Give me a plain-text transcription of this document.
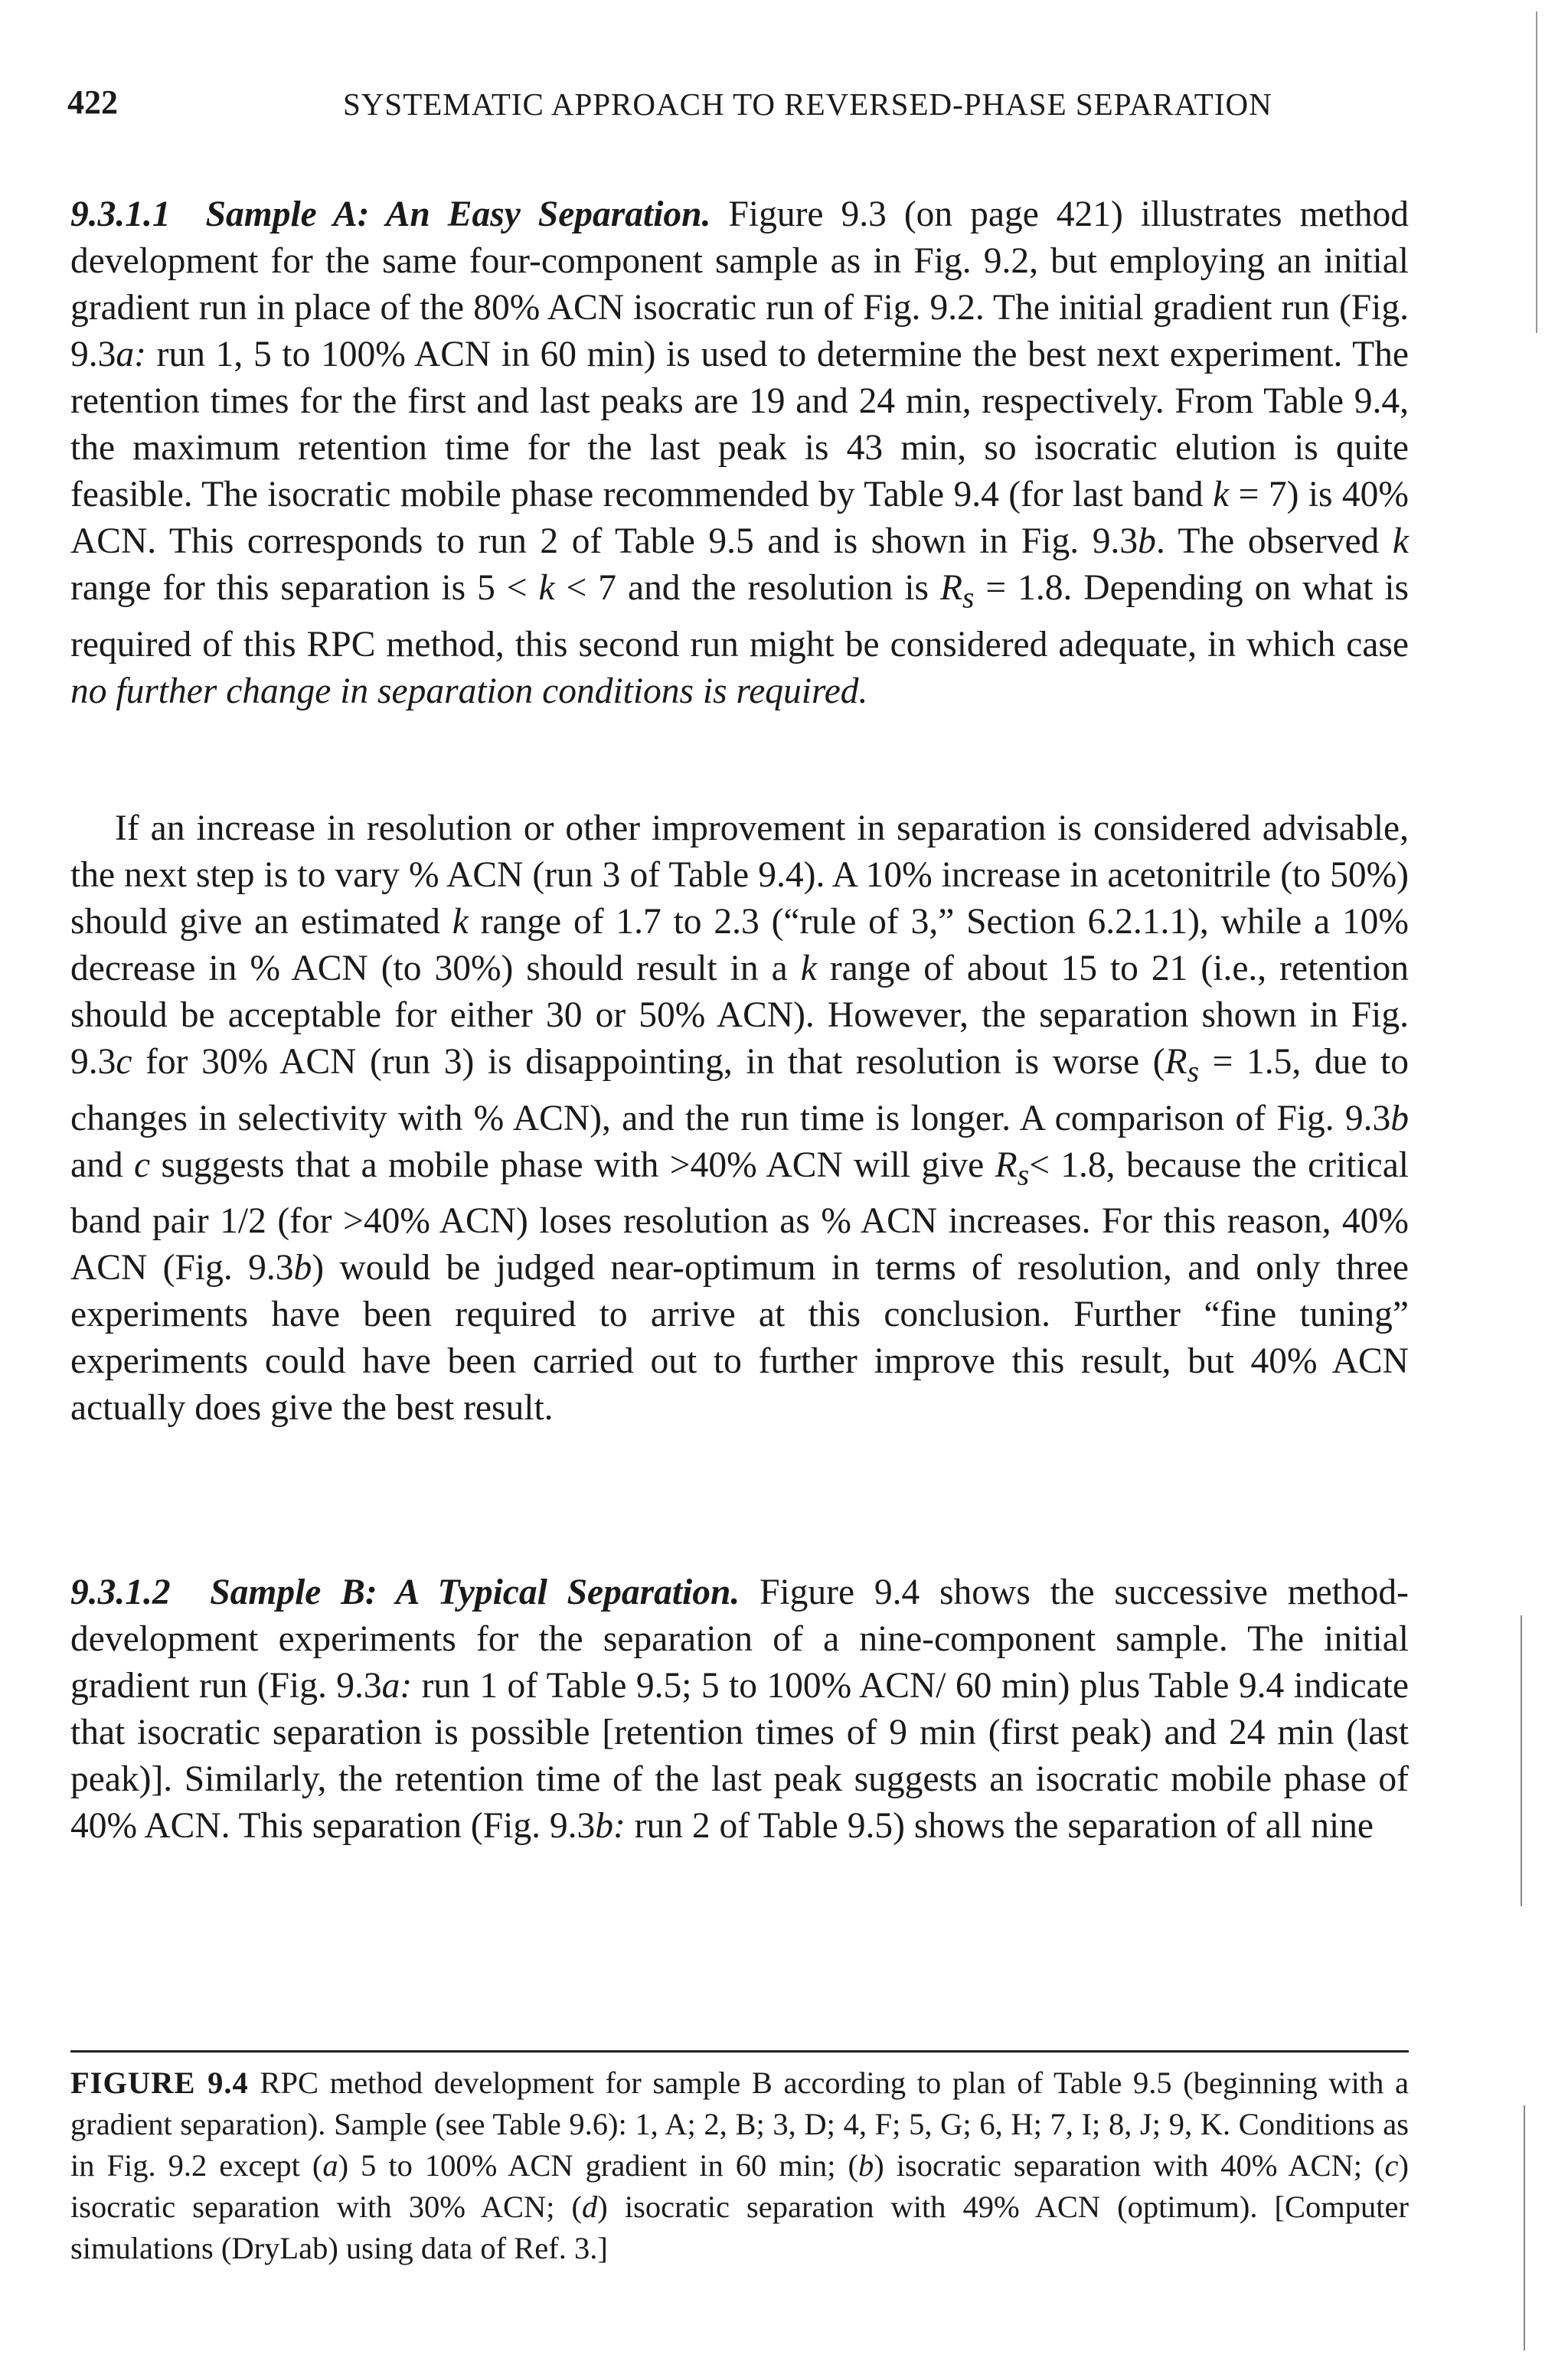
422	SYSTEMATIC APPROACH TO REVERSED-PHASE SEPARATION

9.3.1.1 Sample A: An Easy Separation. Figure 9.3 (on page 421) illustrates method development for the same four-component sample as in Fig. 9.2, but employing an initial gradient run in place of the 80% ACN isocratic run of Fig. 9.2. The initial gradient run (Fig. 9.3a: run 1, 5 to 100% ACN in 60 min) is used to determine the best next experiment. The retention times for the first and last peaks are 19 and 24 min, respectively. From Table 9.4, the maximum retention time for the last peak is 43 min, so isocratic elution is quite feasible. The isocratic mobile phase recommended by Table 9.4 (for last band k = 7) is 40% ACN. This corresponds to run 2 of Table 9.5 and is shown in Fig. 9.3b. The observed k range for this separation is 5 < k < 7 and the resolution is $R_s = 1.8$. Depending on what is required of this RPC method, this second run might be considered adequate, in which case no further change in separation conditions is required.

If an increase in resolution or other improvement in separation is considered advisable, the next step is to vary % ACN (run 3 of Table 9.4). A 10% increase in acetonitrile (to 50%) should give an estimated k range of 1.7 to 2.3 (“rule of 3,” Section 6.2.1.1), while a 10% decrease in % ACN (to 30%) should result in a k range of about 15 to 21 (i.e., retention should be acceptable for either 30 or 50% ACN). However, the separation shown in Fig. 9.3c for 30% ACN (run 3) is disappointing, in that resolution is worse ($R_s = 1.5$, due to changes in selectivity with % ACN), and the run time is longer. A comparison of Fig. 9.3b and c suggests that a mobile phase with >40% ACN will give $R_s< 1.8$, because the critical band pair 1/2 (for >40% ACN) loses resolution as % ACN increases. For this reason, 40% ACN (Fig. 9.3b) would be judged near-optimum in terms of resolution, and only three experiments have been required to arrive at this conclusion. Further “fine tuning” experiments could have been carried out to further improve this result, but 40% ACN actually does give the best result.

9.3.1.2 Sample B: A Typical Separation. Figure 9.4 shows the successive method-development experiments for the separation of a nine-component sample. The initial gradient run (Fig. 9.3a: run 1 of Table 9.5; 5 to 100% ACN/ 60 min) plus Table 9.4 indicate that isocratic separation is possible [retention times of 9 min (first peak) and 24 min (last peak)]. Similarly, the retention time of the last peak suggests an isocratic mobile phase of 40% ACN. This separation (Fig. 9.3b: run 2 of Table 9.5) shows the separation of all nine

FIGURE 9.4 RPC method development for sample B according to plan of Table 9.5 (beginning with a gradient separation). Sample (see Table 9.6): 1, A; 2, B; 3, D; 4, F; 5, G; 6, H; 7, I; 8, J; 9, K. Conditions as in Fig. 9.2 except (a) 5 to 100% ACN gradient in 60 min; (b) isocratic separation with 40% ACN; (c) isocratic separation with 30% ACN; (d) isocratic separation with 49% ACN (optimum). [Computer simulations (DryLab) using data of Ref. 3.]
